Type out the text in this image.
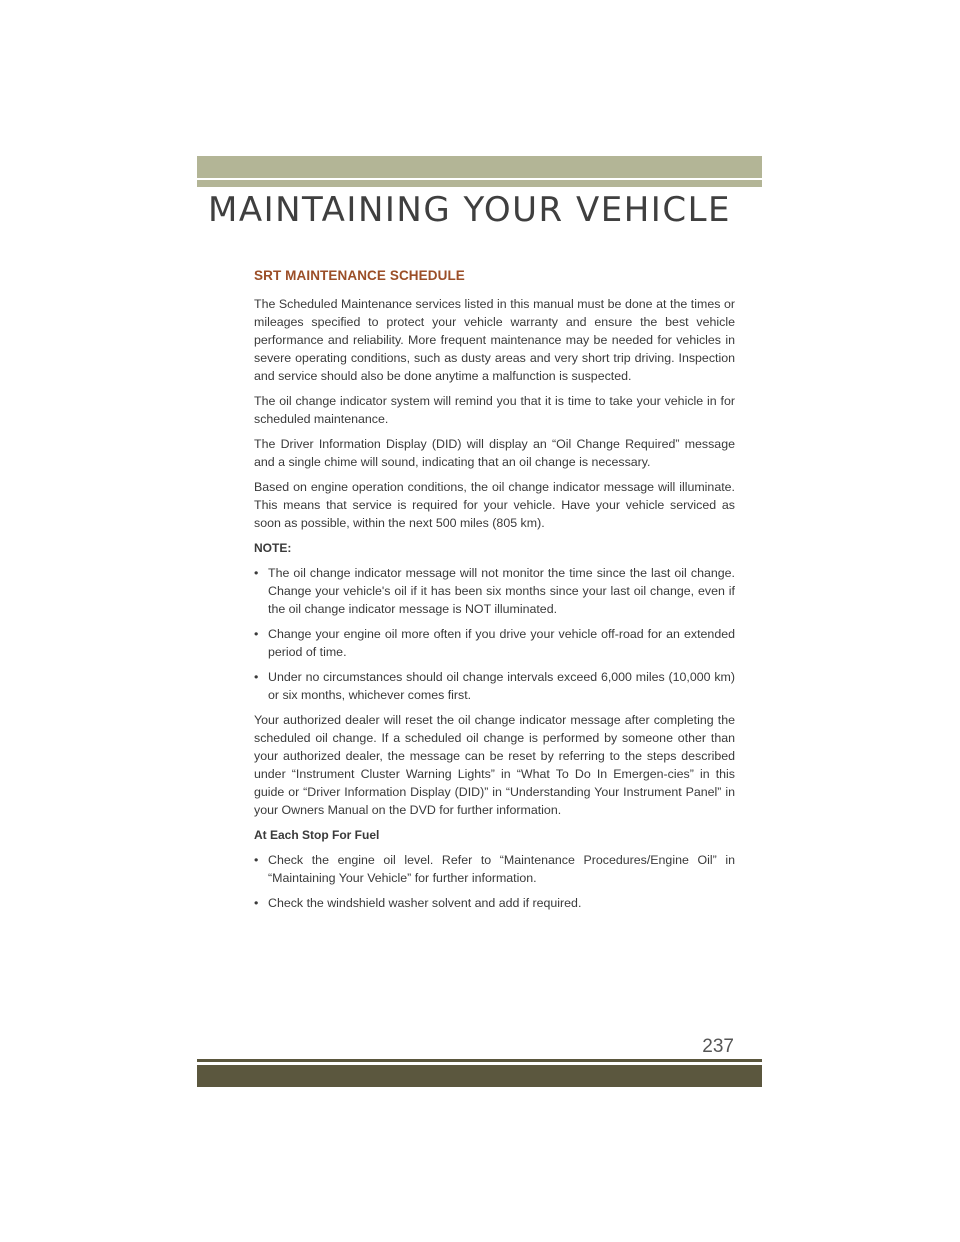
MAINTAINING YOUR VEHICLE
SRT MAINTENANCE SCHEDULE

The Scheduled Maintenance services listed in this manual must be done at the times or mileages specified to protect your vehicle warranty and ensure the best vehicle performance and reliability. More frequent maintenance may be needed for vehicles in severe operating conditions, such as dusty areas and very short trip driving. Inspection and service should also be done anytime a malfunction is suspected.

The oil change indicator system will remind you that it is time to take your vehicle in for scheduled maintenance.

The Driver Information Display (DID) will display an “Oil Change Required” message and a single chime will sound, indicating that an oil change is necessary.

Based on engine operation conditions, the oil change indicator message will illuminate. This means that service is required for your vehicle. Have your vehicle serviced as soon as possible, within the next 500 miles (805 km).

NOTE:
• The oil change indicator message will not monitor the time since the last oil change. Change your vehicle's oil if it has been six months since your last oil change, even if the oil change indicator message is NOT illuminated.
• Change your engine oil more often if you drive your vehicle off-road for an extended period of time.
• Under no circumstances should oil change intervals exceed 6,000 miles (10,000 km) or six months, whichever comes first.

Your authorized dealer will reset the oil change indicator message after completing the scheduled oil change. If a scheduled oil change is performed by someone other than your authorized dealer, the message can be reset by referring to the steps described under “Instrument Cluster Warning Lights” in “What To Do In Emergen-cies” in this guide or “Driver Information Display (DID)” in “Understanding Your Instrument Panel” in your Owners Manual on the DVD for further information.

At Each Stop For Fuel
• Check the engine oil level. Refer to “Maintenance Procedures/Engine Oil” in “Maintaining Your Vehicle” for further information.
• Check the windshield washer solvent and add if required.
237
